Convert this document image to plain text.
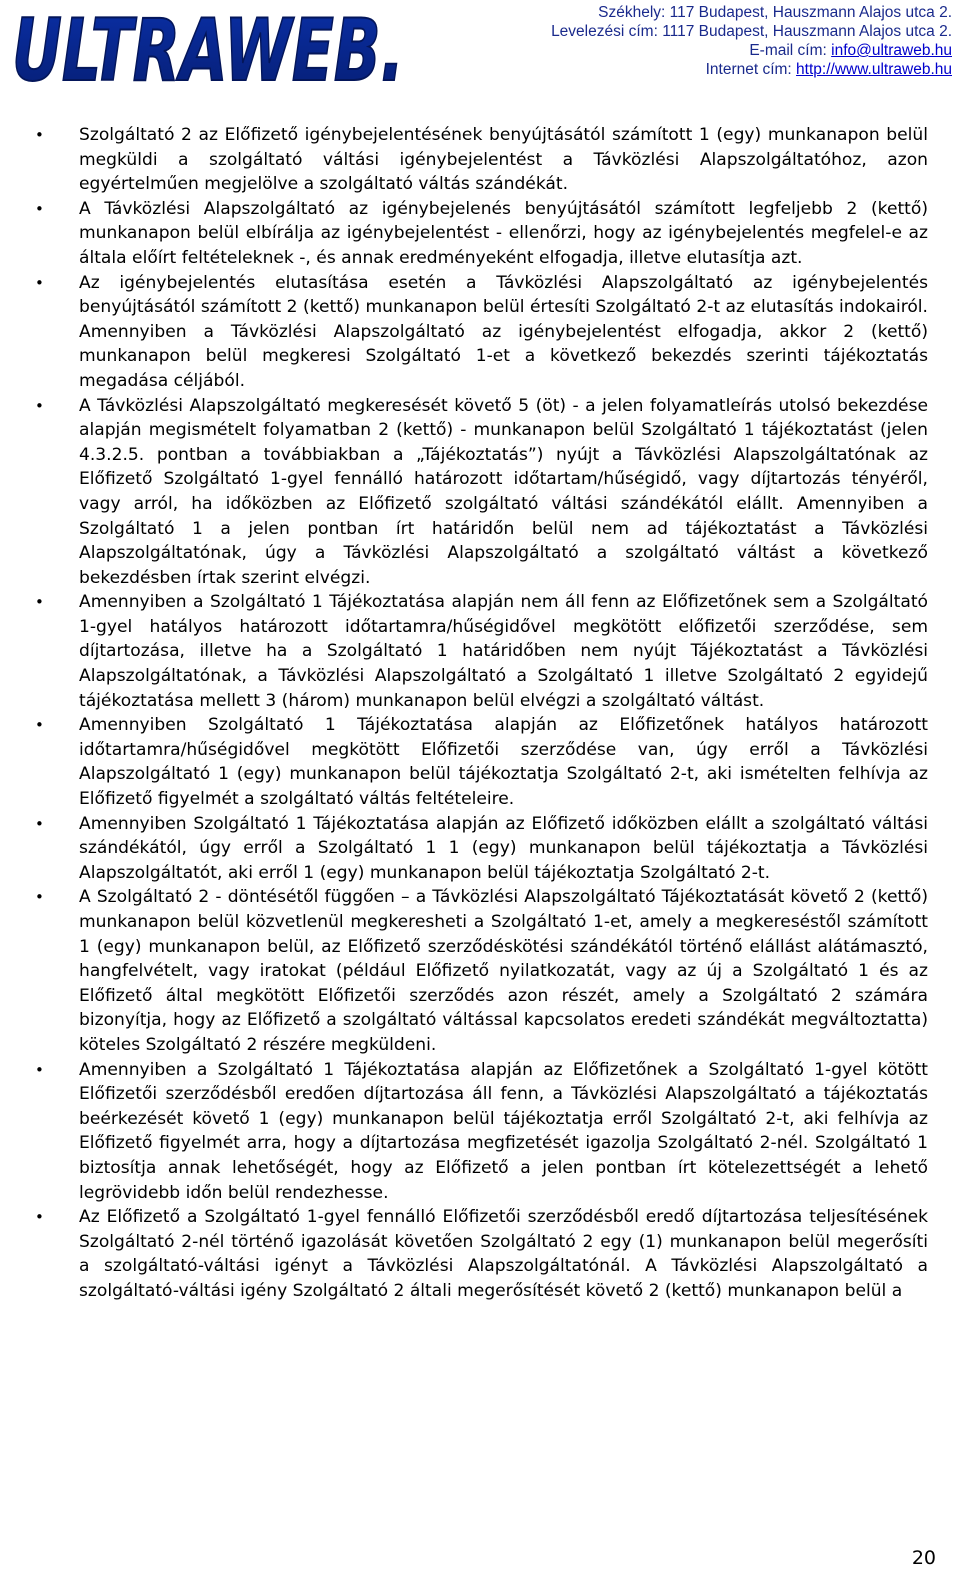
ULTRAWEB.	Székhely: 117 Budapest, Hauszmann Alajos utca 2.
Levelezési cím: 1117 Budapest, Hauszmann Alajos utca 2.
E-mail cím: info@ultraweb.hu
Internet cím: http://www.ultraweb.hu
• Szolgáltató 2 az Előfizető igénybejelentésének benyújtásától számított 1 (egy) munkanapon belül megküldi a szolgáltató váltási igénybejelentést a Távközlési Alapszolgáltatóhoz, azon egyértelműen megjelölve a szolgáltató váltás szándékát.
• A Távközlési Alapszolgáltató az igénybejelenés benyújtásától számított legfeljebb 2 (kettő) munkanapon belül elbírálja az igénybejelentést - ellenőrzi, hogy az igénybejelentés megfelel-e az általa előírt feltételeknek -, és annak eredményeként elfogadja, illetve elutasítja azt.
• Az igénybejelentés elutasítása esetén a Távközlési Alapszolgáltató az igénybejelentés benyújtásától számított 2 (kettő) munkanapon belül értesíti Szolgáltató 2-t az elutasítás indokairól. Amennyiben a Távközlési Alapszolgáltató az igénybejelentést elfogadja, akkor 2 (kettő) munkanapon belül megkeresi Szolgáltató 1-et a következő bekezdés szerinti tájékoztatás megadása céljából.
• A Távközlési Alapszolgáltató megkeresését követő 5 (öt) - a jelen folyamatleírás utolsó bekezdése alapján megismételt folyamatban 2 (kettő) - munkanapon belül Szolgáltató 1 tájékoztatást (jelen 4.3.2.5. pontban a továbbiakban a „Tájékoztatás”) nyújt a Távközlési Alapszolgáltatónak az Előfizető Szolgáltató 1-gyel fennálló határozott időtartam/hűségidő, vagy díjtartozás tényéről, vagy arról, ha időközben az Előfizető szolgáltató váltási szándékától elállt. Amennyiben a Szolgáltató 1 a jelen pontban írt határidőn belül nem ad tájékoztatást a Távközlési Alapszolgáltatónak, úgy a Távközlési Alapszolgáltató a szolgáltató váltást a következő bekezdésben írtak szerint elvégzi.
• Amennyiben a Szolgáltató 1 Tájékoztatása alapján nem áll fenn az Előfizetőnek sem a Szolgáltató 1-gyel hatályos határozott időtartamra/hűségidővel megkötött előfizetői szerződése, sem díjtartozása, illetve ha a Szolgáltató 1 határidőben nem nyújt Tájékoztatást a Távközlési Alapszolgáltatónak, a Távközlési Alapszolgáltató a Szolgáltató 1 illetve Szolgáltató 2 egyidejű tájékoztatása mellett 3 (három) munkanapon belül elvégzi a szolgáltató váltást.
• Amennyiben Szolgáltató 1 Tájékoztatása alapján az Előfizetőnek hatályos határozott időtartamra/hűségidővel megkötött Előfizetői szerződése van, úgy erről a Távközlési Alapszolgáltató 1 (egy) munkanapon belül tájékoztatja Szolgáltató 2-t, aki ismételten felhívja az Előfizető figyelmét a szolgáltató váltás feltételeire.
• Amennyiben Szolgáltató 1 Tájékoztatása alapján az Előfizető időközben elállt a szolgáltató váltási szándékától, úgy erről a Szolgáltató 1 1 (egy) munkanapon belül tájékoztatja a Távközlési Alapszolgáltatót, aki erről 1 (egy) munkanapon belül tájékoztatja Szolgáltató 2-t.
• A Szolgáltató 2 - döntésétől függően – a Távközlési Alapszolgáltató Tájékoztatását követő 2 (kettő) munkanapon belül közvetlenül megkeresheti a Szolgáltató 1-et, amely a megkereséstől számított 1 (egy) munkanapon belül, az Előfizető szerződéskötési szándékától történő elállást alátámasztó, hangfelvételt, vagy iratokat (például Előfizető nyilatkozatát, vagy az új a Szolgáltató 1 és az Előfizető által megkötött Előfizetői szerződés azon részét, amely a Szolgáltató 2 számára bizonyítja, hogy az Előfizető a szolgáltató váltással kapcsolatos eredeti szándékát megváltoztatta) köteles Szolgáltató 2 részére megküldeni.
• Amennyiben a Szolgáltató 1 Tájékoztatása alapján az Előfizetőnek a Szolgáltató 1-gyel kötött Előfizetői szerződésből eredően díjtartozása áll fenn, a Távközlési Alapszolgáltató a tájékoztatás beérkezését követő 1 (egy) munkanapon belül tájékoztatja erről Szolgáltató 2-t, aki felhívja az Előfizető figyelmét arra, hogy a díjtartozása megfizetését igazolja Szolgáltató 2-nél. Szolgáltató 1 biztosítja annak lehetőségét, hogy az Előfizető a jelen pontban írt kötelezettségét a lehető legrövidebb időn belül rendezhesse.
• Az Előfizető a Szolgáltató 1-gyel fennálló Előfizetői szerződésből eredő díjtartozása teljesítésének Szolgáltató 2-nél történő igazolását követően Szolgáltató 2 egy (1) munkanapon belül megerősíti a szolgáltató-váltási igényt a Távközlési Alapszolgáltatónál. A Távközlési Alapszolgáltató a szolgáltató-váltási igény Szolgáltató 2 általi megerősítését követő 2 (kettő) munkanapon belül a
20
